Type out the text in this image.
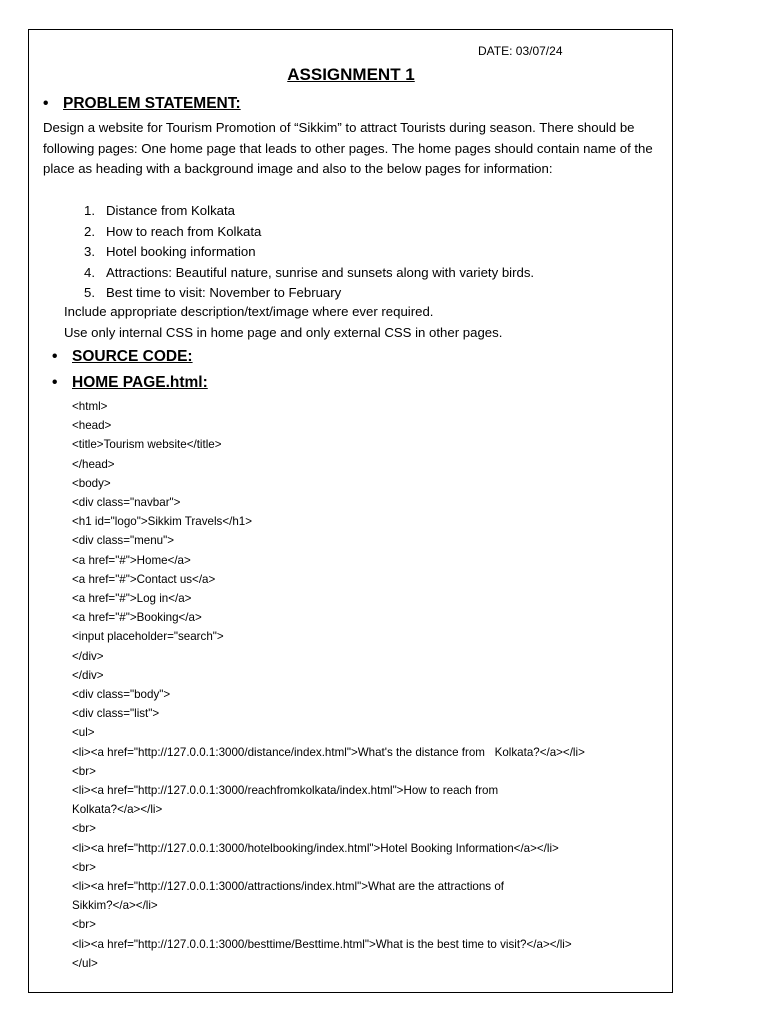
DATE: 03/07/24
ASSIGNMENT 1
• PROBLEM STATEMENT:
Design a website for Tourism Promotion of “Sikkim” to attract Tourists during season. There should be following pages: One home page that leads to other pages. The home pages should contain name of the place as heading with a background image and also to the below pages for information:
1. Distance from Kolkata
2. How to reach from Kolkata
3. Hotel booking information
4. Attractions: Beautiful nature, sunrise and sunsets along with variety birds.
5. Best time to visit: November to February
Include appropriate description/text/image where ever required.
Use only internal CSS in home page and only external CSS in other pages.
• SOURCE CODE:
• HOME PAGE.html:
<html>
<head>
<title>Tourism website</title>
</head>
<body>
<div class="navbar">
<h1 id="logo">Sikkim Travels</h1>
<div class="menu">
<a href="#">Home</a>
<a href="#">Contact us</a>
<a href="#">Log in</a>
<a href="#">Booking</a>
<input placeholder="search">
</div>
</div>
<div class="body">
<div class="list">
<ul>
<li><a href="http://127.0.0.1:3000/distance/index.html">What's the distance from   Kolkata?</a></li>
<br>
<li><a href="http://127.0.0.1:3000/reachfromkolkata/index.html">How to reach from
Kolkata?</a></li>
<br>
<li><a href="http://127.0.0.1:3000/hotelbooking/index.html">Hotel Booking Information</a></li>
<br>
<li><a href="http://127.0.0.1:3000/attractions/index.html">What are the attractions of
Sikkim?</a></li>
<br>
<li><a href="http://127.0.0.1:3000/besttime/Besttime.html">What is the best time to visit?</a></li>
</ul>
